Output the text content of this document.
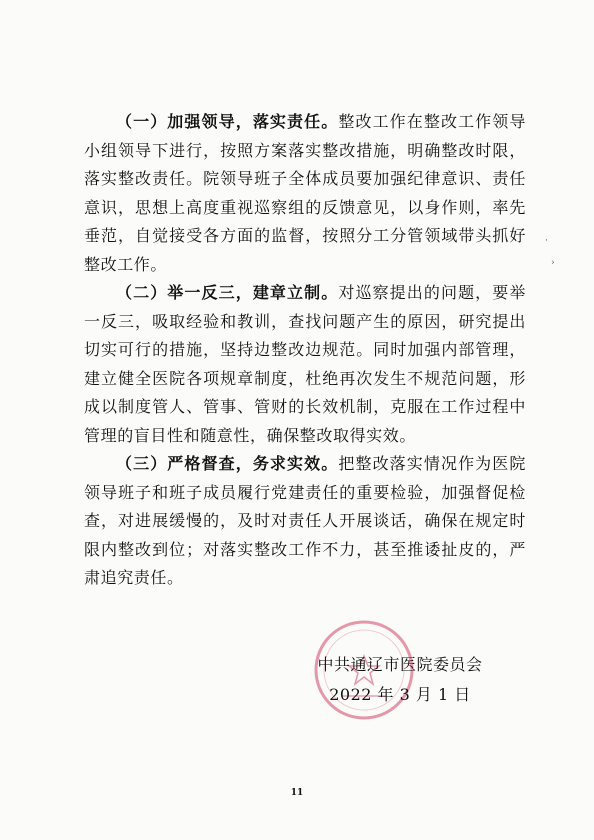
（一）加强领导，落实责任。整改工作在整改工作领导小组领导下进行，按照方案落实整改措施，明确整改时限，落实整改责任。院领导班子全体成员要加强纪律意识、责任意识，思想上高度重视巡察组的反馈意见，以身作则，率先垂范，自觉接受各方面的监督，按照分工分管领域带头抓好整改工作。

（二）举一反三，建章立制。对巡察提出的问题，要举一反三，吸取经验和教训，查找问题产生的原因，研究提出切实可行的措施，坚持边整改边规范。同时加强内部管理，建立健全医院各项规章制度，杜绝再次发生不规范问题，形成以制度管人、管事、管财的长效机制，克服在工作过程中管理的盲目性和随意性，确保整改取得实效。

（三）严格督查，务求实效。把整改落实情况作为医院领导班子和班子成员履行党建责任的重要检验，加强督促检查，对进展缓慢的，及时对责任人开展谈话，确保在规定时限内整改到位；对落实整改工作不力，甚至推诿扯皮的，严肃追究责任。

·
›
中共通辽市医院委员会
2022 年 3 月 1 日
11
